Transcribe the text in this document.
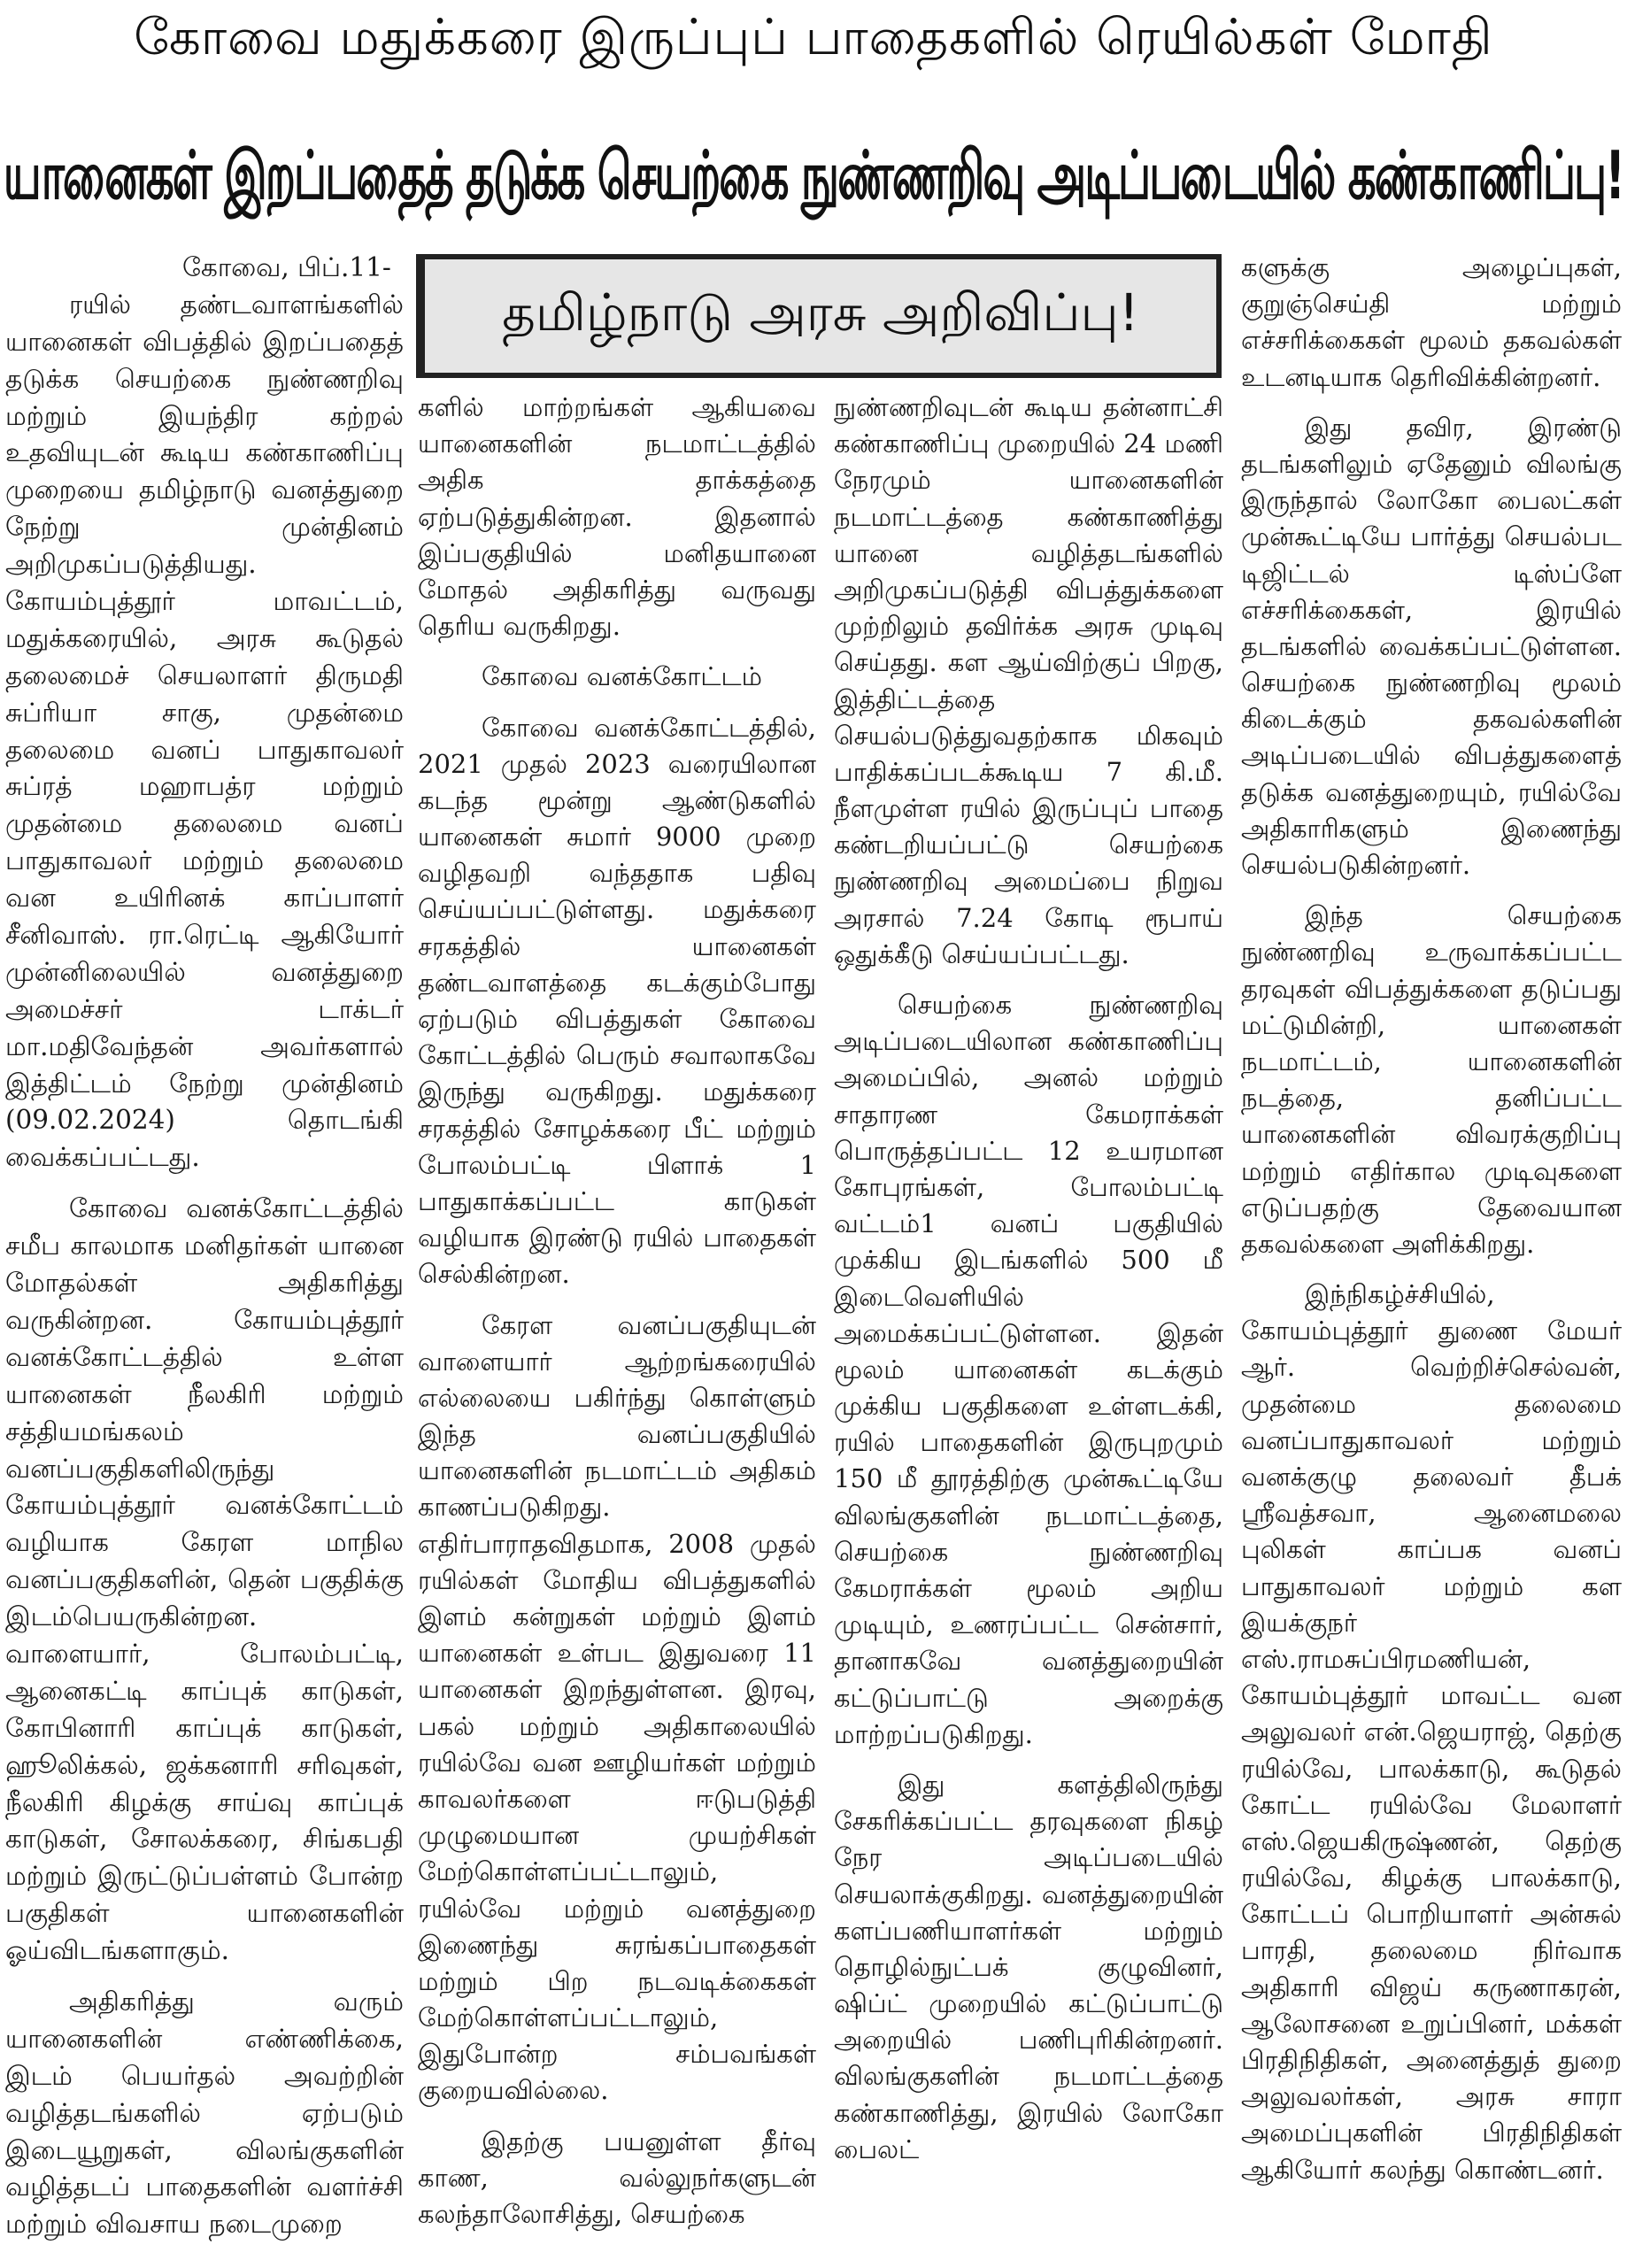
கோவை மதுக்கரை இருப்புப் பாதைகளில் ரெயில்கள் மோதி
யானைகள் இறப்பதைத் தடுக்க செயற்கை நுண்ணறிவு அடிப்படையில் கண்காணிப்பு!
தமிழ்நாடு அரசு அறிவிப்பு!

கோவை, பிப்.11-

ரயில் தண்டவாளங்களில் யானைகள் விபத்தில் இறப்பதைத் தடுக்க செயற்கை நுண்ணறிவு மற்றும் இயந்திர கற்றல் உதவியுடன் கூடிய கண்காணிப்பு முறையை தமிழ்நாடு வனத்துறை நேற்று முன்தினம் அறிமுகப்படுத்தியது. கோயம்புத்தூர் மாவட்டம், மதுக்கரையில், அரசு கூடுதல் தலைமைச் செயலாளர் திருமதி சுப்ரியா சாகு, முதன்மை தலைமை வனப் பாதுகாவலர் சுப்ரத் மஹாபத்ர மற்றும் முதன்மை தலைமை வனப் பாதுகாவலர் மற்றும் தலைமை வன உயிரினக் காப்பாளர் சீனிவாஸ். ரா.ரெட்டி ஆகியோர் முன்னிலையில் வனத்துறை அமைச்சர் டாக்டர் மா.மதிவேந்தன் அவர்களால் இத்திட்டம் நேற்று முன்தினம் (09.02.2024) தொடங்கி வைக்கப்பட்டது.

கோவை வனக்கோட்டத்தில் சமீப காலமாக மனிதர்கள் யானை மோதல்கள் அதிகரித்து வருகின்றன. கோயம்புத்தூர் வனக்கோட்டத்தில் உள்ள யானைகள் நீலகிரி மற்றும் சத்தியமங்கலம் வனப்பகுதிகளிலிருந்து கோயம்புத்தூர் வனக்கோட்டம் வழியாக கேரள மாநில வனப்பகுதிகளின், தென் பகுதிக்கு இடம்பெயருகின்றன. வாளையார், போலம்பட்டி, ஆனைகட்டி காப்புக் காடுகள், கோபினாரி காப்புக் காடுகள், ஹூலிக்கல், ஜக்கனாரி சரிவுகள், நீலகிரி கிழக்கு சாய்வு காப்புக் காடுகள், சோலக்கரை, சிங்கபதி மற்றும் இருட்டுப்பள்ளம் போன்ற பகுதிகள் யானைகளின் ஓய்விடங்களாகும்.

அதிகரித்து வரும் யானைகளின் எண்ணிக்கை, இடம் பெயர்தல் அவற்றின் வழித்தடங்களில் ஏற்படும் இடையூறுகள், விலங்குகளின் வழித்தடப் பாதைகளின் வளர்ச்சி மற்றும் விவசாய நடைமுறை

களில் மாற்றங்கள் ஆகியவை யானைகளின் நடமாட்டத்தில் அதிக தாக்கத்தை ஏற்படுத்துகின்றன. இதனால் இப்பகுதியில் மனிதயானை மோதல் அதிகரித்து வருவது தெரிய வருகிறது.

கோவை வனக்கோட்டம்

கோவை வனக்கோட்டத்தில், 2021 முதல் 2023 வரையிலான கடந்த மூன்று ஆண்டுகளில் யானைகள் சுமார் 9000 முறை வழிதவறி வந்ததாக பதிவு செய்யப்பட்டுள்ளது. மதுக்கரை சரகத்தில் யானைகள் தண்டவாளத்தை கடக்கும்போது ஏற்படும் விபத்துகள் கோவை கோட்டத்தில் பெரும் சவாலாகவே இருந்து வருகிறது. மதுக்கரை சரகத்தில் சோழக்கரை பீட் மற்றும் போலம்பட்டி பிளாக் 1 பாதுகாக்கப்பட்ட காடுகள் வழியாக இரண்டு ரயில் பாதைகள் செல்கின்றன.

கேரள வனப்பகுதியுடன் வாளையார் ஆற்றங்கரையில் எல்லையை பகிர்ந்து கொள்ளும் இந்த வனப்பகுதியில் யானைகளின் நடமாட்டம் அதிகம் காணப்படுகிறது. எதிர்பாராதவிதமாக, 2008 முதல் ரயில்கள் மோதிய விபத்துகளில் இளம் கன்றுகள் மற்றும் இளம் யானைகள் உள்பட இதுவரை 11 யானைகள் இறந்துள்ளன. இரவு, பகல் மற்றும் அதிகாலையில் ரயில்வே வன ஊழியர்கள் மற்றும் காவலர்களை ஈடுபடுத்தி முழுமையான முயற்சிகள் மேற்கொள்ளப்பட்டாலும், ரயில்வே மற்றும் வனத்துறை இணைந்து சுரங்கப்பாதைகள் மற்றும் பிற நடவடிக்கைகள் மேற்கொள்ளப்பட்டாலும், இதுபோன்ற சம்பவங்கள் குறையவில்லை.

இதற்கு பயனுள்ள தீர்வு காண, வல்லுநர்களுடன் கலந்தாலோசித்து, செயற்கை

நுண்ணறிவுடன் கூடிய தன்னாட்சி கண்காணிப்பு முறையில் 24 மணி நேரமும் யானைகளின் நடமாட்டத்தை கண்காணித்து யானை வழித்தடங்களில் அறிமுகப்படுத்தி விபத்துக்களை முற்றிலும் தவிர்க்க அரசு முடிவு செய்தது. கள ஆய்விற்குப் பிறகு, இத்திட்டத்தை செயல்படுத்துவதற்காக மிகவும் பாதிக்கப்படக்கூடிய 7 கி.மீ. நீளமுள்ள ரயில் இருப்புப் பாதை கண்டறியப்பட்டு செயற்கை நுண்ணறிவு அமைப்பை நிறுவ அரசால் 7.24 கோடி ரூபாய் ஒதுக்கீடு செய்யப்பட்டது.

செயற்கை நுண்ணறிவு அடிப்படையிலான கண்காணிப்பு அமைப்பில், அனல் மற்றும் சாதாரண கேமராக்கள் பொருத்தப்பட்ட 12 உயரமான கோபுரங்கள், போலம்பட்டி வட்டம்1 வனப் பகுதியில் முக்கிய இடங்களில் 500 மீ இடைவெளியில் அமைக்கப்பட்டுள்ளன. இதன் மூலம் யானைகள் கடக்கும் முக்கிய பகுதிகளை உள்ளடக்கி, ரயில் பாதைகளின் இருபுறமும் 150 மீ தூரத்திற்கு முன்கூட்டியே விலங்குகளின் நடமாட்டத்தை, செயற்கை நுண்ணறிவு கேமராக்கள் மூலம் அறிய முடியும், உணரப்பட்ட சென்சார், தானாகவே வனத்துறையின் கட்டுப்பாட்டு அறைக்கு மாற்றப்படுகிறது.

இது களத்திலிருந்து சேகரிக்கப்பட்ட தரவுகளை நிகழ் நேர அடிப்படையில் செயலாக்குகிறது. வனத்துறையின் களப்பணியாளர்கள் மற்றும் தொழில்நுட்பக் குழுவினர், ஷிப்ட் முறையில் கட்டுப்பாட்டு அறையில் பணிபுரிகின்றனர். விலங்குகளின் நடமாட்டத்தை கண்காணித்து, இரயில் லோகோ பைலட்

களுக்கு அழைப்புகள், குறுஞ்செய்தி மற்றும் எச்சரிக்கைகள் மூலம் தகவல்கள் உடனடியாக தெரிவிக்கின்றனர்.

இது தவிர, இரண்டு தடங்களிலும் ஏதேனும் விலங்கு இருந்தால் லோகோ பைலட்கள் முன்கூட்டியே பார்த்து செயல்பட டிஜிட்டல் டிஸ்ப்ளே எச்சரிக்கைகள், இரயில் தடங்களில் வைக்கப்பட்டுள்ளன. செயற்கை நுண்ணறிவு மூலம் கிடைக்கும் தகவல்களின் அடிப்படையில் விபத்துகளைத் தடுக்க வனத்துறையும், ரயில்வே அதிகாரிகளும் இணைந்து செயல்படுகின்றனர்.

இந்த செயற்கை நுண்ணறிவு உருவாக்கப்பட்ட தரவுகள் விபத்துக்களை தடுப்பது மட்டுமின்றி, யானைகள் நடமாட்டம், யானைகளின் நடத்தை, தனிப்பட்ட யானைகளின் விவரக்குறிப்பு மற்றும் எதிர்கால முடிவுகளை எடுப்பதற்கு தேவையான தகவல்களை அளிக்கிறது.

இந்நிகழ்ச்சியில், கோயம்புத்தூர் துணை மேயர் ஆர். வெற்றிச்செல்வன், முதன்மை தலைமை வனப்பாதுகாவலர் மற்றும் வனக்குழு தலைவர் தீபக் ஸ்ரீவத்சவா, ஆனைமலை புலிகள் காப்பக வனப் பாதுகாவலர் மற்றும் கள இயக்குநர் எஸ்.ராமசுப்பிரமணியன், கோயம்புத்தூர் மாவட்ட வன அலுவலர் என்.ஜெயராஜ், தெற்கு ரயில்வே, பாலக்காடு, கூடுதல் கோட்ட ரயில்வே மேலாளர் எஸ்.ஜெயகிருஷ்ணன், தெற்கு ரயில்வே, கிழக்கு பாலக்காடு, கோட்டப் பொறியாளர் அன்சுல் பாரதி, தலைமை நிர்வாக அதிகாரி விஜய் கருணாகரன், ஆலோசனை உறுப்பினர், மக்கள் பிரதிநிதிகள், அனைத்துத் துறை அலுவலர்கள், அரசு சாரா அமைப்புகளின் பிரதிநிதிகள் ஆகியோர் கலந்து கொண்டனர்.
